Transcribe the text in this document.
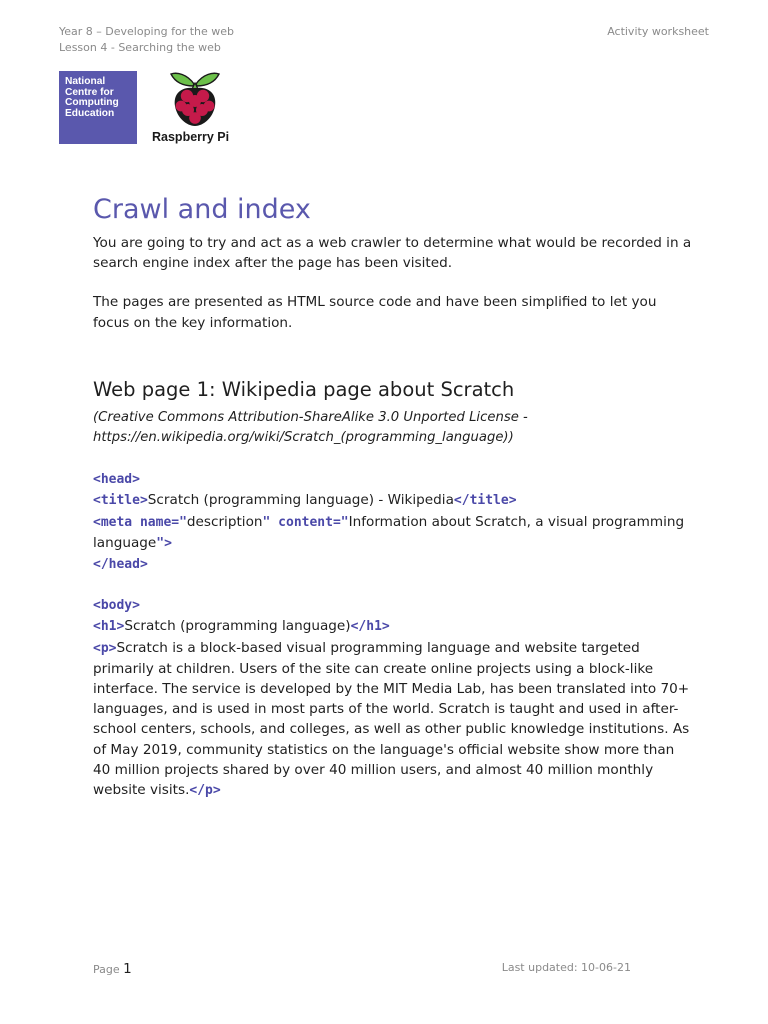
Year 8 – Developing for the web
Lesson 4 - Searching the web
Activity worksheet
National
Centre for
Computing
Education
Raspberry Pi
Crawl and index

You are going to try and act as a web crawler to determine what would be recorded in a search engine index after the page has been visited.

The pages are presented as HTML source code and have been simplified to let you focus on the key information.

Web page 1: Wikipedia page about Scratch

(Creative Commons Attribution-ShareAlike 3.0 Unported License - https://en.wikipedia.org/wiki/Scratch_(programming_language))

<head>
<title>Scratch (programming language) - Wikipedia</title>
<meta name="description" content="Information about Scratch, a visual programming language">
</head>
<body>
<h1>Scratch (programming language)</h1>
<p>Scratch is a block-based visual programming language and website targeted primarily at children. Users of the site can create online projects using a block-like interface. The service is developed by the MIT Media Lab, has been translated into 70+ languages, and is used in most parts of the world. Scratch is taught and used in after-school centers, schools, and colleges, as well as other public knowledge institutions. As of May 2019, community statistics on the language's official website show more than 40 million projects shared by over 40 million users, and almost 40 million monthly website visits.</p>
Page 1	Last updated: 10-06-21
